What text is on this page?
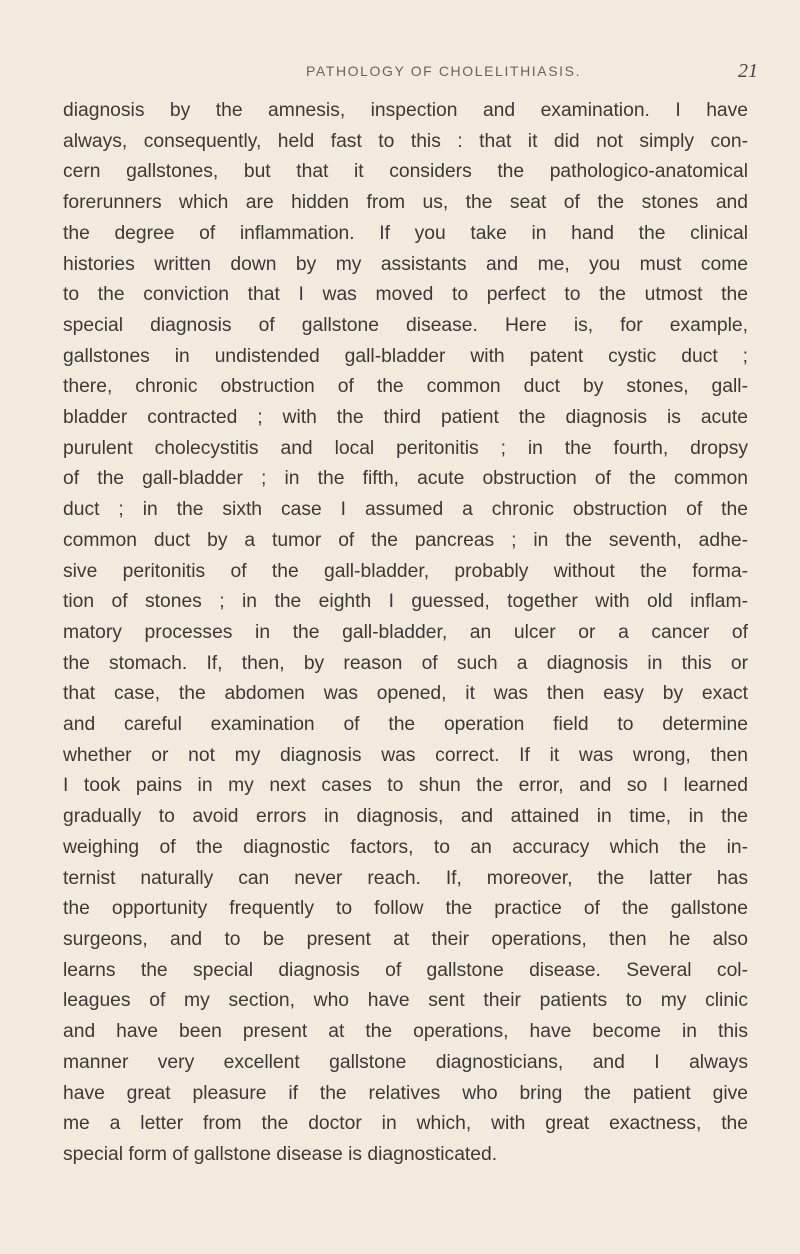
PATHOLOGY OF CHOLELITHIASIS.	21
diagnosis by the amnesis, inspection and examination. I have
always, consequently, held fast to this : that it did not simply con-
cern gallstones, but that it considers the pathologico-anatomical
forerunners which are hidden from us, the seat of the stones and
the degree of inflammation. If you take in hand the clinical
histories written down by my assistants and me, you must come
to the conviction that I was moved to perfect to the utmost the
special diagnosis of gallstone disease. Here is, for example,
gallstones in undistended gall-bladder with patent cystic duct ;
there, chronic obstruction of the common duct by stones, gall-
bladder contracted ; with the third patient the diagnosis is acute
purulent cholecystitis and local peritonitis ; in the fourth, dropsy
of the gall-bladder ; in the fifth, acute obstruction of the common
duct ; in the sixth case I assumed a chronic obstruction of the
common duct by a tumor of the pancreas ; in the seventh, adhe-
sive peritonitis of the gall-bladder, probably without the forma-
tion of stones ; in the eighth I guessed, together with old inflam-
matory processes in the gall-bladder, an ulcer or a cancer of
the stomach. If, then, by reason of such a diagnosis in this or
that case, the abdomen was opened, it was then easy by exact
and careful examination of the operation field to determine
whether or not my diagnosis was correct. If it was wrong, then
I took pains in my next cases to shun the error, and so I learned
gradually to avoid errors in diagnosis, and attained in time, in the
weighing of the diagnostic factors, to an accuracy which the in-
ternist naturally can never reach. If, moreover, the latter has
the opportunity frequently to follow the practice of the gallstone
surgeons, and to be present at their operations, then he also
learns the special diagnosis of gallstone disease. Several col-
leagues of my section, who have sent their patients to my clinic
and have been present at the operations, have become in this
manner very excellent gallstone diagnosticians, and I always
have great pleasure if the relatives who bring the patient give
me a letter from the doctor in which, with great exactness, the
special form of gallstone disease is diagnosticated.
